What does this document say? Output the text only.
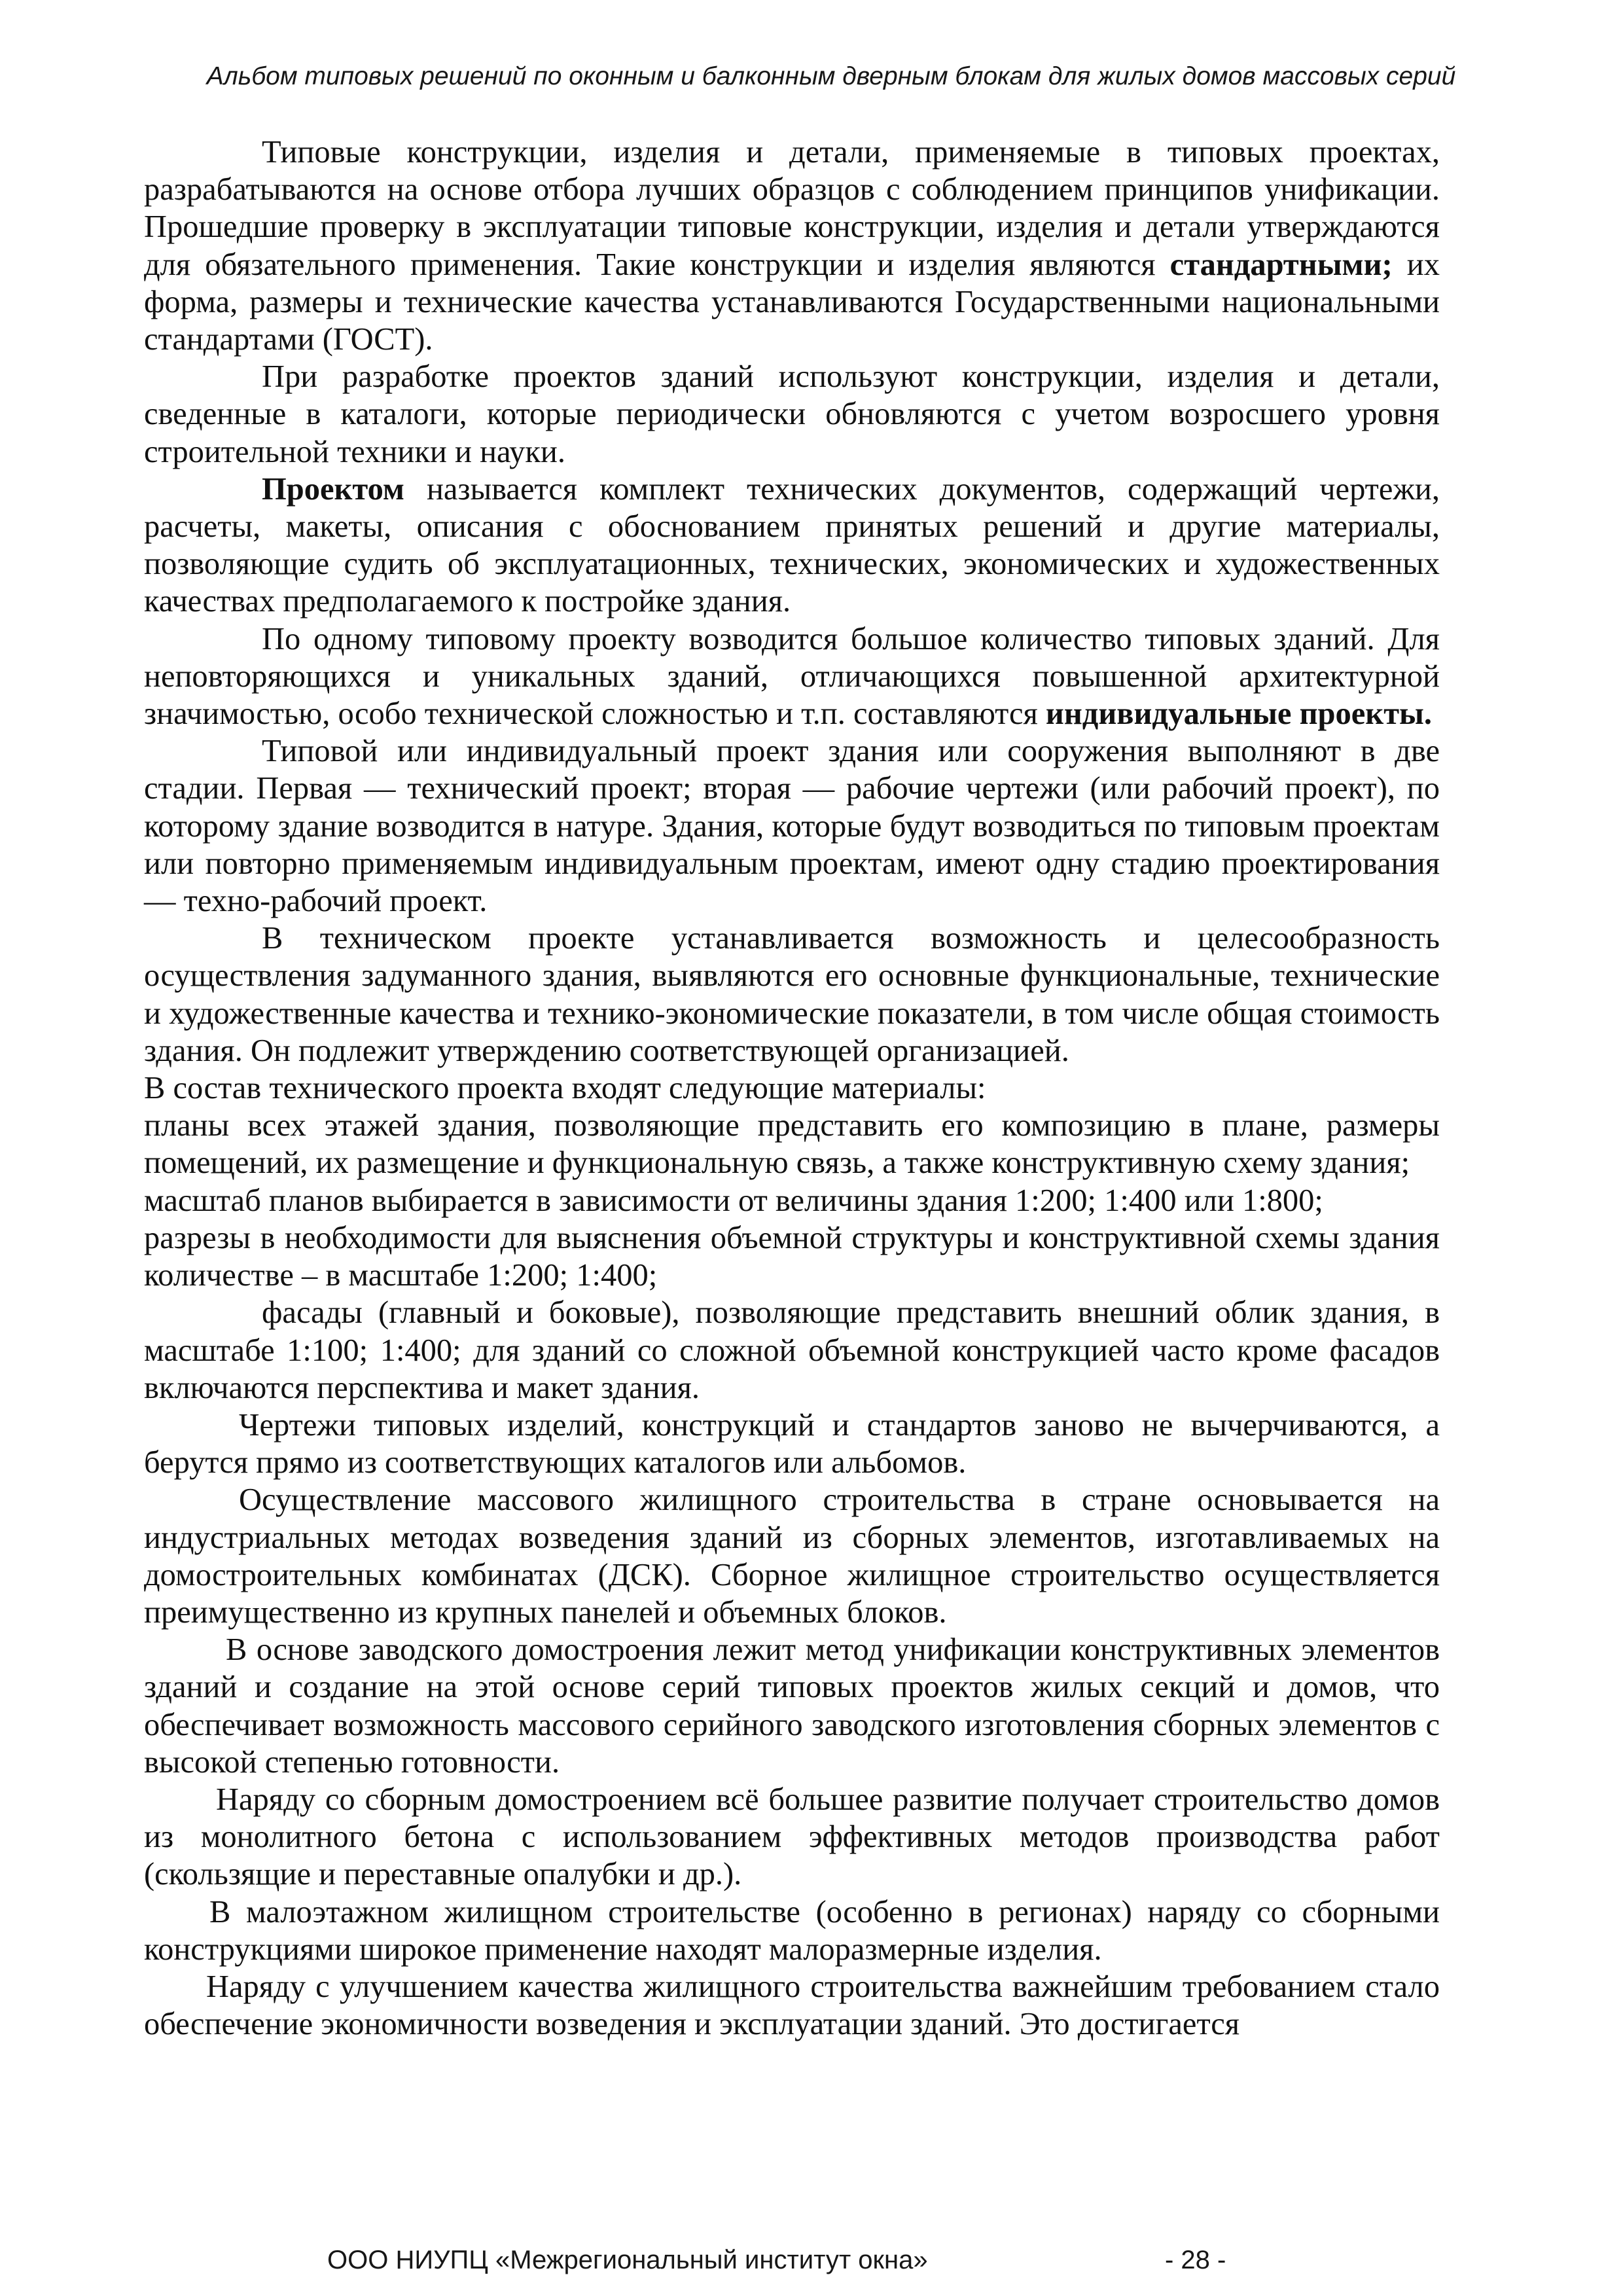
Альбом типовых решений по оконным и балконным дверным блокам для жилых домов массовых серий

Типовые конструкции, изделия и детали, применяемые в типовых проектах, разрабатываются на основе отбора лучших образцов с соблюдением принципов унификации. Прошедшие проверку в эксплуатации типовые конструкции, изделия и детали утверждаются для обязательного применения. Такие конструкции и изделия являются стандартными; их форма, размеры и технические качества устанавливаются Государственными национальными стандартами (ГОСТ).

При разработке проектов зданий используют конструкции, изделия и детали, сведенные в каталоги, которые периодически обновляются с учетом возросшего уровня строительной техники и науки.

Проектом называется комплект технических документов, содержащий чертежи, расчеты, макеты, описания с обоснованием принятых решений и другие материалы, позволяющие судить об эксплуатационных, технических, экономических и художественных качествах предполагаемого к постройке здания.

По одному типовому проекту возводится большое количество типовых зданий. Для неповторяющихся и уникальных зданий, отличающихся повышенной архитектурной значимостью, особо технической сложностью и т.п. составляются индивидуальные проекты.

Типовой или индивидуальный проект здания или сооружения выполняют в две стадии. Первая — технический проект; вторая — рабочие чертежи (или рабочий проект), по которому здание возводится в натуре. Здания, которые будут возводиться по типовым проектам или повторно применяемым индивидуальным проектам, имеют одну стадию проектирования — техно-рабочий проект.

В техническом проекте устанавливается возможность и целесообразность осуществления задуманного здания, выявляются его основные функциональные, технические и художественные качества и технико-экономические показатели, в том числе общая стоимость здания. Он подлежит утверждению соответствующей организацией.

В состав технического проекта входят следующие материалы:

планы всех этажей здания, позволяющие представить его композицию в плане, размеры помещений, их размещение и функциональную связь, а также конструктивную схему здания;

масштаб планов выбирается в зависимости от величины здания 1:200; 1:400 или 1:800;

разрезы в необходимости для выяснения объемной структуры и конструктивной схемы здания количестве – в масштабе 1:200; 1:400;

фасады (главный и боковые), позволяющие представить внешний облик здания, в масштабе 1:100; 1:400; для зданий со сложной объемной конструкцией часто кроме фасадов включаются перспектива и макет здания.

Чертежи типовых изделий, конструкций и стандартов заново не вычерчиваются, а берутся прямо из соответствующих каталогов или альбомов.

Осуществление массового жилищного строительства в стране основывается на индустриальных методах возведения зданий из сборных элементов, изготавливаемых на домостроительных комбинатах (ДСК). Сборное жилищное строительство осуществляется преимущественно из крупных панелей и объемных блоков.

В основе заводского домостроения лежит метод унификации конструктивных элементов зданий и создание на этой основе серий типовых проектов жилых секций и домов, что обеспечивает возможность массового серийного заводского изготовления сборных элементов с высокой степенью готовности.

Наряду со сборным домостроением всё большее развитие получает строительство домов из монолитного бетона с использованием эффективных методов производства работ (скользящие и переставные опалубки и др.).

В малоэтажном жилищном строительстве (особенно в регионах) наряду со сборными конструкциями широкое применение находят малоразмерные изделия.

Наряду с улучшением качества жилищного строительства важнейшим требованием стало обеспечение экономичности возведения и эксплуатации зданий. Это достигается

ООО НИУПЦ «Межрегиональный институт окна»	- 28 -
